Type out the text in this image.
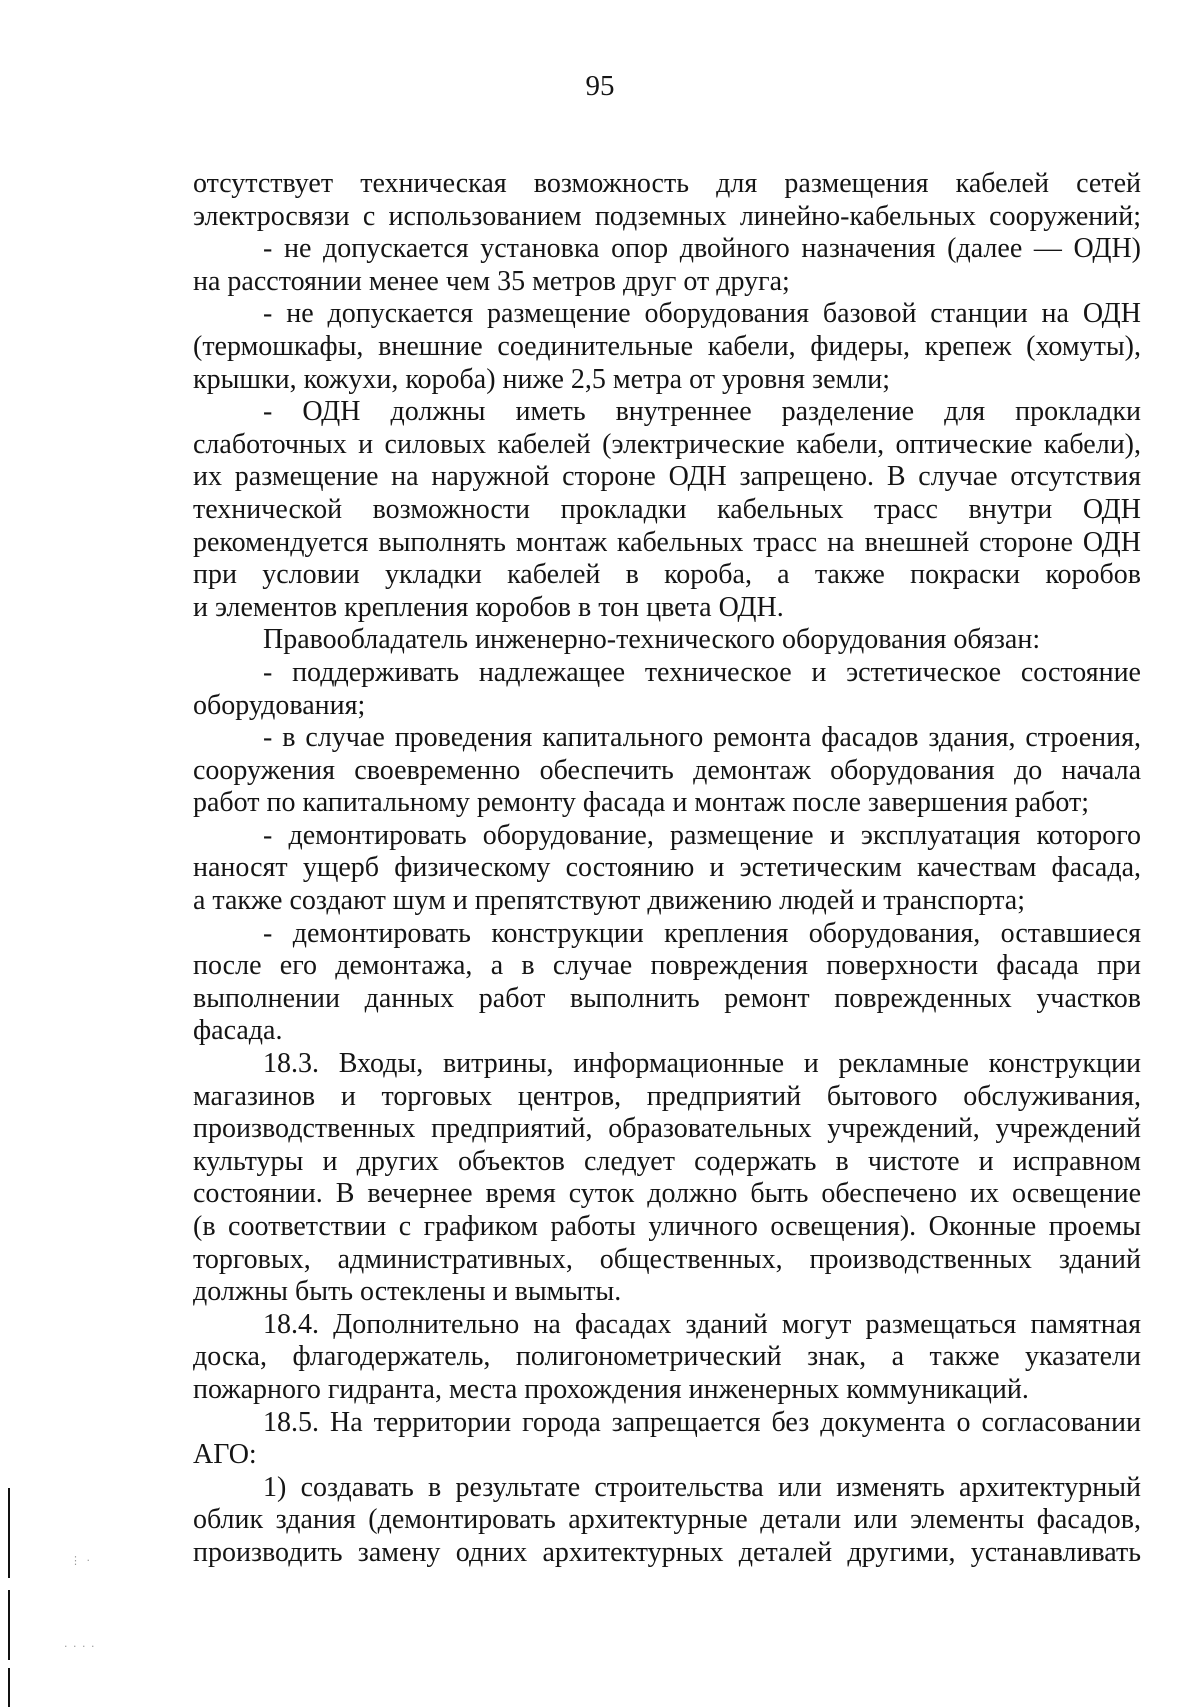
95
отсутствует техническая возможность для размещения кабелей сетей
электросвязи с использованием подземных линейно-кабельных сооружений;
- не допускается установка опор двойного назначения (далее — ОДН)
на расстоянии менее чем 35 метров друг от друга;
- не допускается размещение оборудования базовой станции на ОДН
(термошкафы, внешние соединительные кабели, фидеры, крепеж (хомуты),
крышки, кожухи, короба) ниже 2,5 метра от уровня земли;
- ОДН должны иметь внутреннее разделение для прокладки
слаботочных и силовых кабелей (электрические кабели, оптические кабели),
их размещение на наружной стороне ОДН запрещено. В случае отсутствия
технической возможности прокладки кабельных трасс внутри ОДН
рекомендуется выполнять монтаж кабельных трасс на внешней стороне ОДН
при условии укладки кабелей в короба, а также покраски коробов
и элементов крепления коробов в тон цвета ОДН.
Правообладатель инженерно-технического оборудования обязан:
- поддерживать надлежащее техническое и эстетическое состояние
оборудования;
- в случае проведения капитального ремонта фасадов здания, строения,
сооружения своевременно обеспечить демонтаж оборудования до начала
работ по капитальному ремонту фасада и монтаж после завершения работ;
- демонтировать оборудование, размещение и эксплуатация которого
наносят ущерб физическому состоянию и эстетическим качествам фасада,
а также создают шум и препятствуют движению людей и транспорта;
- демонтировать конструкции крепления оборудования, оставшиеся
после его демонтажа, а в случае повреждения поверхности фасада при
выполнении данных работ выполнить ремонт поврежденных участков
фасада.
18.3. Входы, витрины, информационные и рекламные конструкции
магазинов и торговых центров, предприятий бытового обслуживания,
производственных предприятий, образовательных учреждений, учреждений
культуры и других объектов следует содержать в чистоте и исправном
состоянии. В вечернее время суток должно быть обеспечено их освещение
(в соответствии с графиком работы уличного освещения). Оконные проемы
торговых, административных, общественных, производственных зданий
должны быть остеклены и вымыты.
18.4. Дополнительно на фасадах зданий могут размещаться памятная
доска, флагодержатель, полигонометрический знак, а также указатели
пожарного гидранта, места прохождения инженерных коммуникаций.
18.5. На территории города запрещается без документа о согласовании
АГО:
1) создавать в результате строительства или изменять архитектурный
облик здания (демонтировать архитектурные детали или элементы фасадов,
производить замену одних архитектурных деталей другими, устанавливать
⋮ ·
· · · ·
